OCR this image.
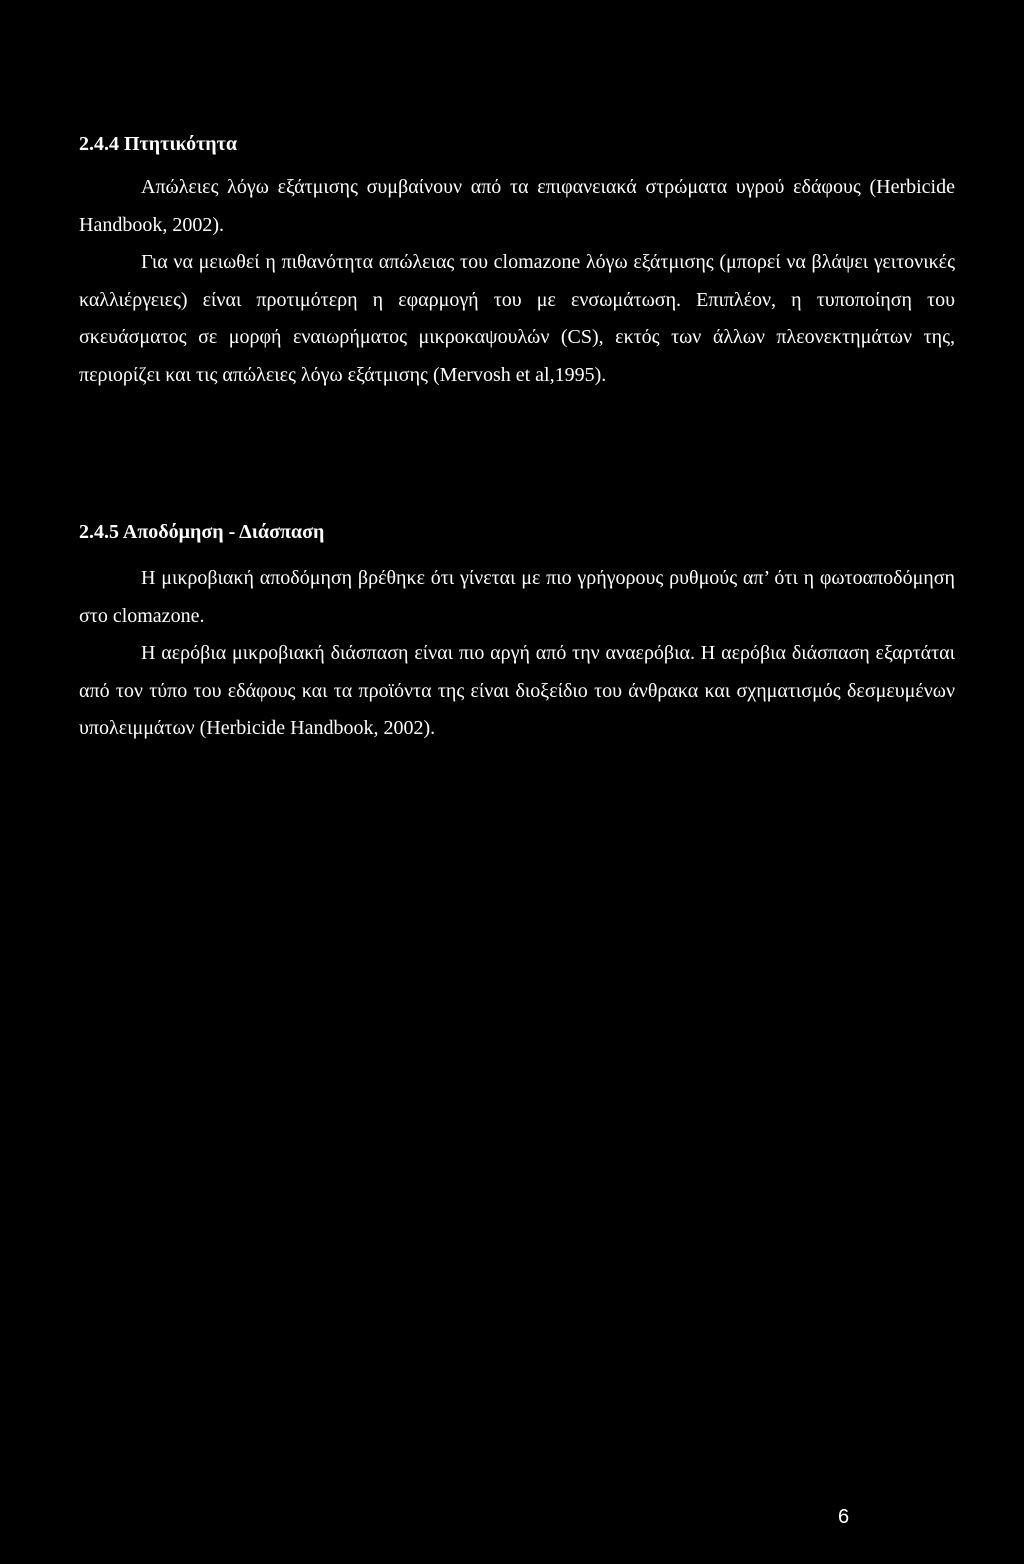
2.4.4 Πτητικότητα

Απώλειες λόγω εξάτμισης συμβαίνουν από τα επιφανειακά στρώματα υγρού εδάφους (Herbicide Handbook, 2002).

Για να μειωθεί η πιθανότητα απώλειας του clomazone λόγω εξάτμισης (μπορεί να βλάψει γειτονικές καλλιέργειες) είναι προτιμότερη η εφαρμογή του με ενσωμάτωση. Επιπλέον, η τυποποίηση του σκευάσματος σε μορφή εναιωρήματος μικροκαψουλών (CS), εκτός των άλλων πλεονεκτημάτων της, περιορίζει και τις απώλειες λόγω εξάτμισης (Mervosh et al,1995).

2.4.5 Αποδόμηση - Διάσπαση

Η μικροβιακή αποδόμηση βρέθηκε ότι γίνεται με πιο γρήγορους ρυθμούς απ’ ότι η φωτοαποδόμηση στο clomazone.

Η αερόβια μικροβιακή διάσπαση είναι πιο αργή από την αναερόβια. Η αερόβια διάσπαση εξαρτάται από τον τύπο του εδάφους και τα προϊόντα της είναι διοξείδιο του άνθρακα και σχηματισμός δεσμευμένων υπολειμμάτων (Herbicide Handbook, 2002).

6
